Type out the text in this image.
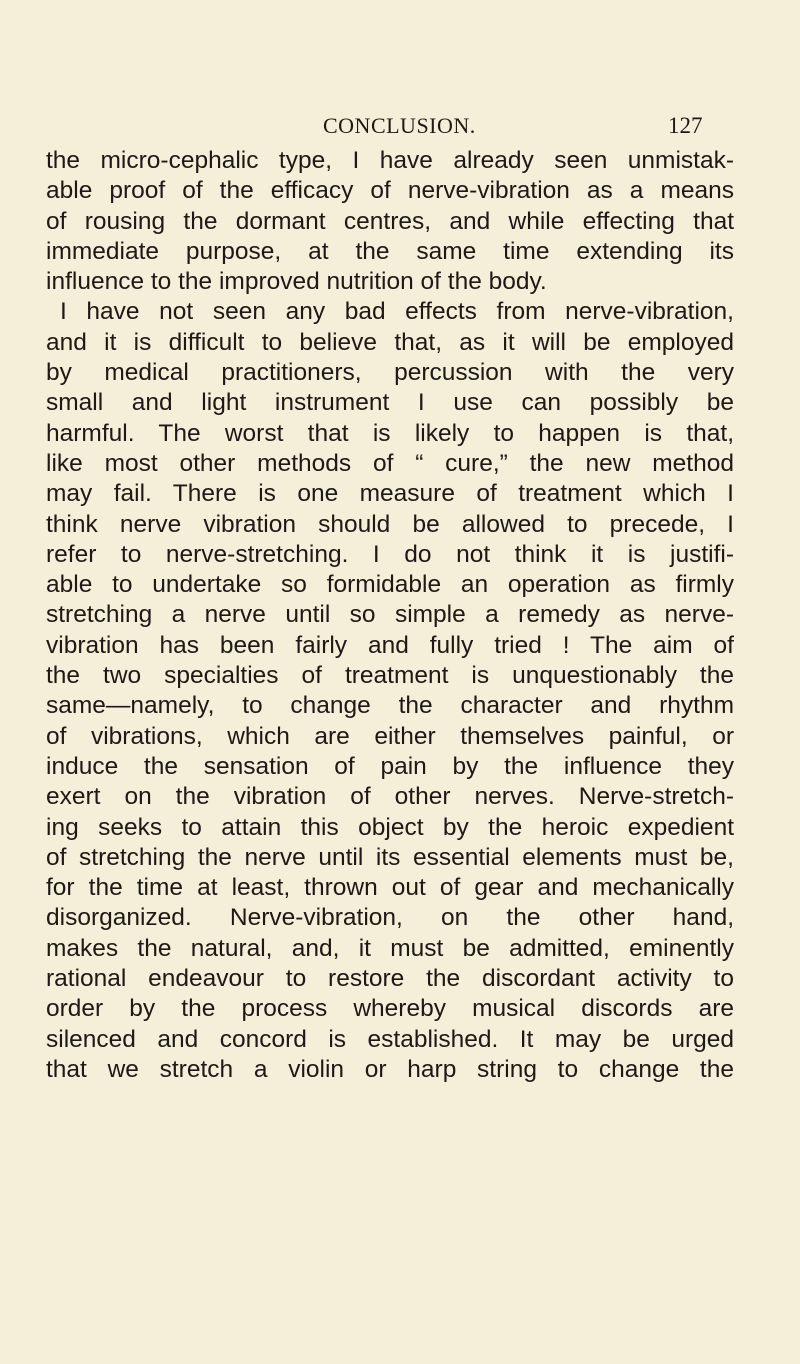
CONCLUSION.	127
the micro-cephalic type, I have already seen unmistak-
able proof of the efficacy of nerve-vibration as a means
of rousing the dormant centres, and while effecting that
immediate purpose, at the same time extending its
influence to the improved nutrition of the body.
I have not seen any bad effects from nerve-vibration,
and it is difficult to believe that, as it will be employed
by medical practitioners, percussion with the very
small and light instrument I use can possibly be
harmful. The worst that is likely to happen is that,
like most other methods of “ cure,” the new method
may fail. There is one measure of treatment which I
think nerve vibration should be allowed to precede, I
refer to nerve-stretching. I do not think it is justifi-
able to undertake so formidable an operation as firmly
stretching a nerve until so simple a remedy as nerve-
vibration has been fairly and fully tried ! The aim of
the two specialties of treatment is unquestionably the
same—namely, to change the character and rhythm
of vibrations, which are either themselves painful, or
induce the sensation of pain by the influence they
exert on the vibration of other nerves. Nerve-stretch-
ing seeks to attain this object by the heroic expedient
of stretching the nerve until its essential elements must be,
for the time at least, thrown out of gear and mechanically
disorganized. Nerve-vibration, on the other hand,
makes the natural, and, it must be admitted, eminently
rational endeavour to restore the discordant activity to
order by the process whereby musical discords are
silenced and concord is established. It may be urged
that we stretch a violin or harp string to change the
